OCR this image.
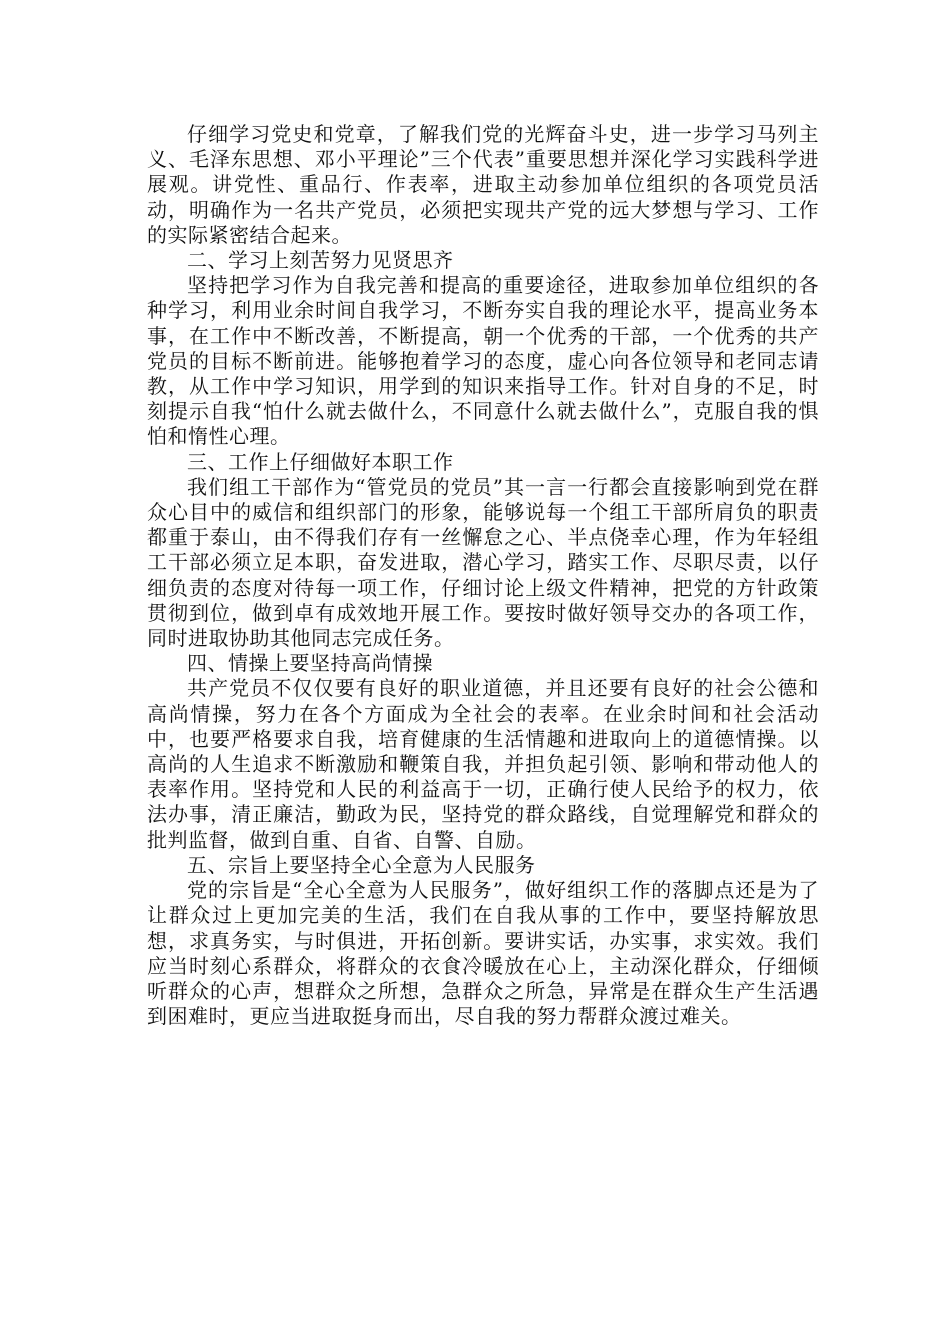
仔细学习党史和党章，了解我们党的光辉奋斗史，进一步学习马列主义、毛泽东思想、邓小平理论”三个代表”重要思想并深化学习实践科学进展观。讲党性、重品行、作表率，进取主动参加单位组织的各项党员活动，明确作为一名共产党员，必须把实现共产党的远大梦想与学习、工作的实际紧密结合起来。

二、学习上刻苦努力见贤思齐

坚持把学习作为自我完善和提高的重要途径，进取参加单位组织的各种学习，利用业余时间自我学习，不断夯实自我的理论水平，提高业务本事，在工作中不断改善，不断提高，朝一个优秀的干部，一个优秀的共产党员的目标不断前进。能够抱着学习的态度，虚心向各位领导和老同志请教，从工作中学习知识，用学到的知识来指导工作。针对自身的不足，时刻提示自我“怕什么就去做什么，不同意什么就去做什么”，克服自我的惧怕和惰性心理。

三、工作上仔细做好本职工作

我们组工干部作为“管党员的党员”其一言一行都会直接影响到党在群众心目中的威信和组织部门的形象，能够说每一个组工干部所肩负的职责都重于泰山，由不得我们存有一丝懈怠之心、半点侥幸心理，作为年轻组工干部必须立足本职，奋发进取，潜心学习，踏实工作、尽职尽责，以仔细负责的态度对待每一项工作，仔细讨论上级文件精神，把党的方针政策贯彻到位，做到卓有成效地开展工作。要按时做好领导交办的各项工作，同时进取协助其他同志完成任务。

四、情操上要坚持高尚情操

共产党员不仅仅要有良好的职业道德，并且还要有良好的社会公德和高尚情操，努力在各个方面成为全社会的表率。在业余时间和社会活动中，也要严格要求自我，培育健康的生活情趣和进取向上的道德情操。以高尚的人生追求不断激励和鞭策自我，并担负起引领、影响和带动他人的表率作用。坚持党和人民的利益高于一切，正确行使人民给予的权力，依法办事，清正廉洁，勤政为民，坚持党的群众路线，自觉理解党和群众的批判监督，做到自重、自省、自警、自励。

五、宗旨上要坚持全心全意为人民服务

党的宗旨是“全心全意为人民服务”，做好组织工作的落脚点还是为了让群众过上更加完美的生活，我们在自我从事的工作中，要坚持解放思想，求真务实，与时俱进，开拓创新。要讲实话，办实事，求实效。我们应当时刻心系群众，将群众的衣食冷暖放在心上，主动深化群众，仔细倾听群众的心声，想群众之所想，急群众之所急，异常是在群众生产生活遇到困难时，更应当进取挺身而出，尽自我的努力帮群众渡过难关。
